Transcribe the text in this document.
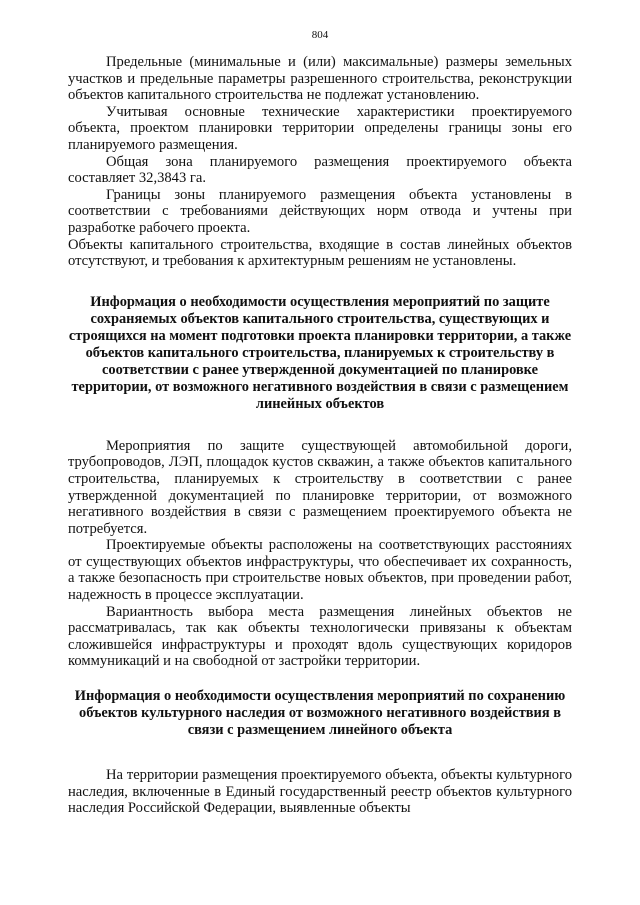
804

Предельные (минимальные и (или) максимальные) размеры земельных участков и предельные параметры разрешенного строительства, реконструкции объектов капитального строительства не подлежат установлению.

Учитывая основные технические характеристики проектируемого объекта, проектом планировки территории определены границы зоны его планируемого размещения.

Общая зона планируемого размещения проектируемого объекта составляет 32,3843 га.

Границы зоны планируемого размещения объекта установлены в соответствии с требованиями действующих норм отвода и учтены при разработке рабочего проекта.

Объекты капитального строительства, входящие в состав линейных объектов отсутствуют, и требования к архитектурным решениям не установлены.

Информация о необходимости осуществления мероприятий по защите сохраняемых объектов капитального строительства, существующих и строящихся на момент подготовки проекта планировки территории, а также объектов капитального строительства, планируемых к строительству в соответствии с ранее утвержденной документацией по планировке территории, от возможного негативного воздействия в связи с размещением линейных объектов

Мероприятия по защите существующей автомобильной дороги, трубопроводов, ЛЭП, площадок кустов скважин, а также объектов капитального строительства, планируемых к строительству в соответствии с ранее утвержденной документацией по планировке территории, от возможного негативного воздействия в связи с размещением проектируемого объекта не потребуется.

Проектируемые объекты расположены на соответствующих расстояниях от существующих объектов инфраструктуры, что обеспечивает их сохранность, а также безопасность при строительстве новых объектов, при проведении работ, надежность в процессе эксплуатации.

Вариантность выбора места размещения линейных объектов не рассматривалась, так как объекты технологически привязаны к объектам сложившейся инфраструктуры и проходят вдоль существующих коридоров коммуникаций и на свободной от застройки территории.

Информация о необходимости осуществления мероприятий по сохранению объектов культурного наследия от возможного негативного воздействия в связи с размещением линейного объекта

На территории размещения проектируемого объекта, объекты культурного наследия, включенные в Единый государственный реестр объектов культурного наследия Российской Федерации, выявленные объекты
